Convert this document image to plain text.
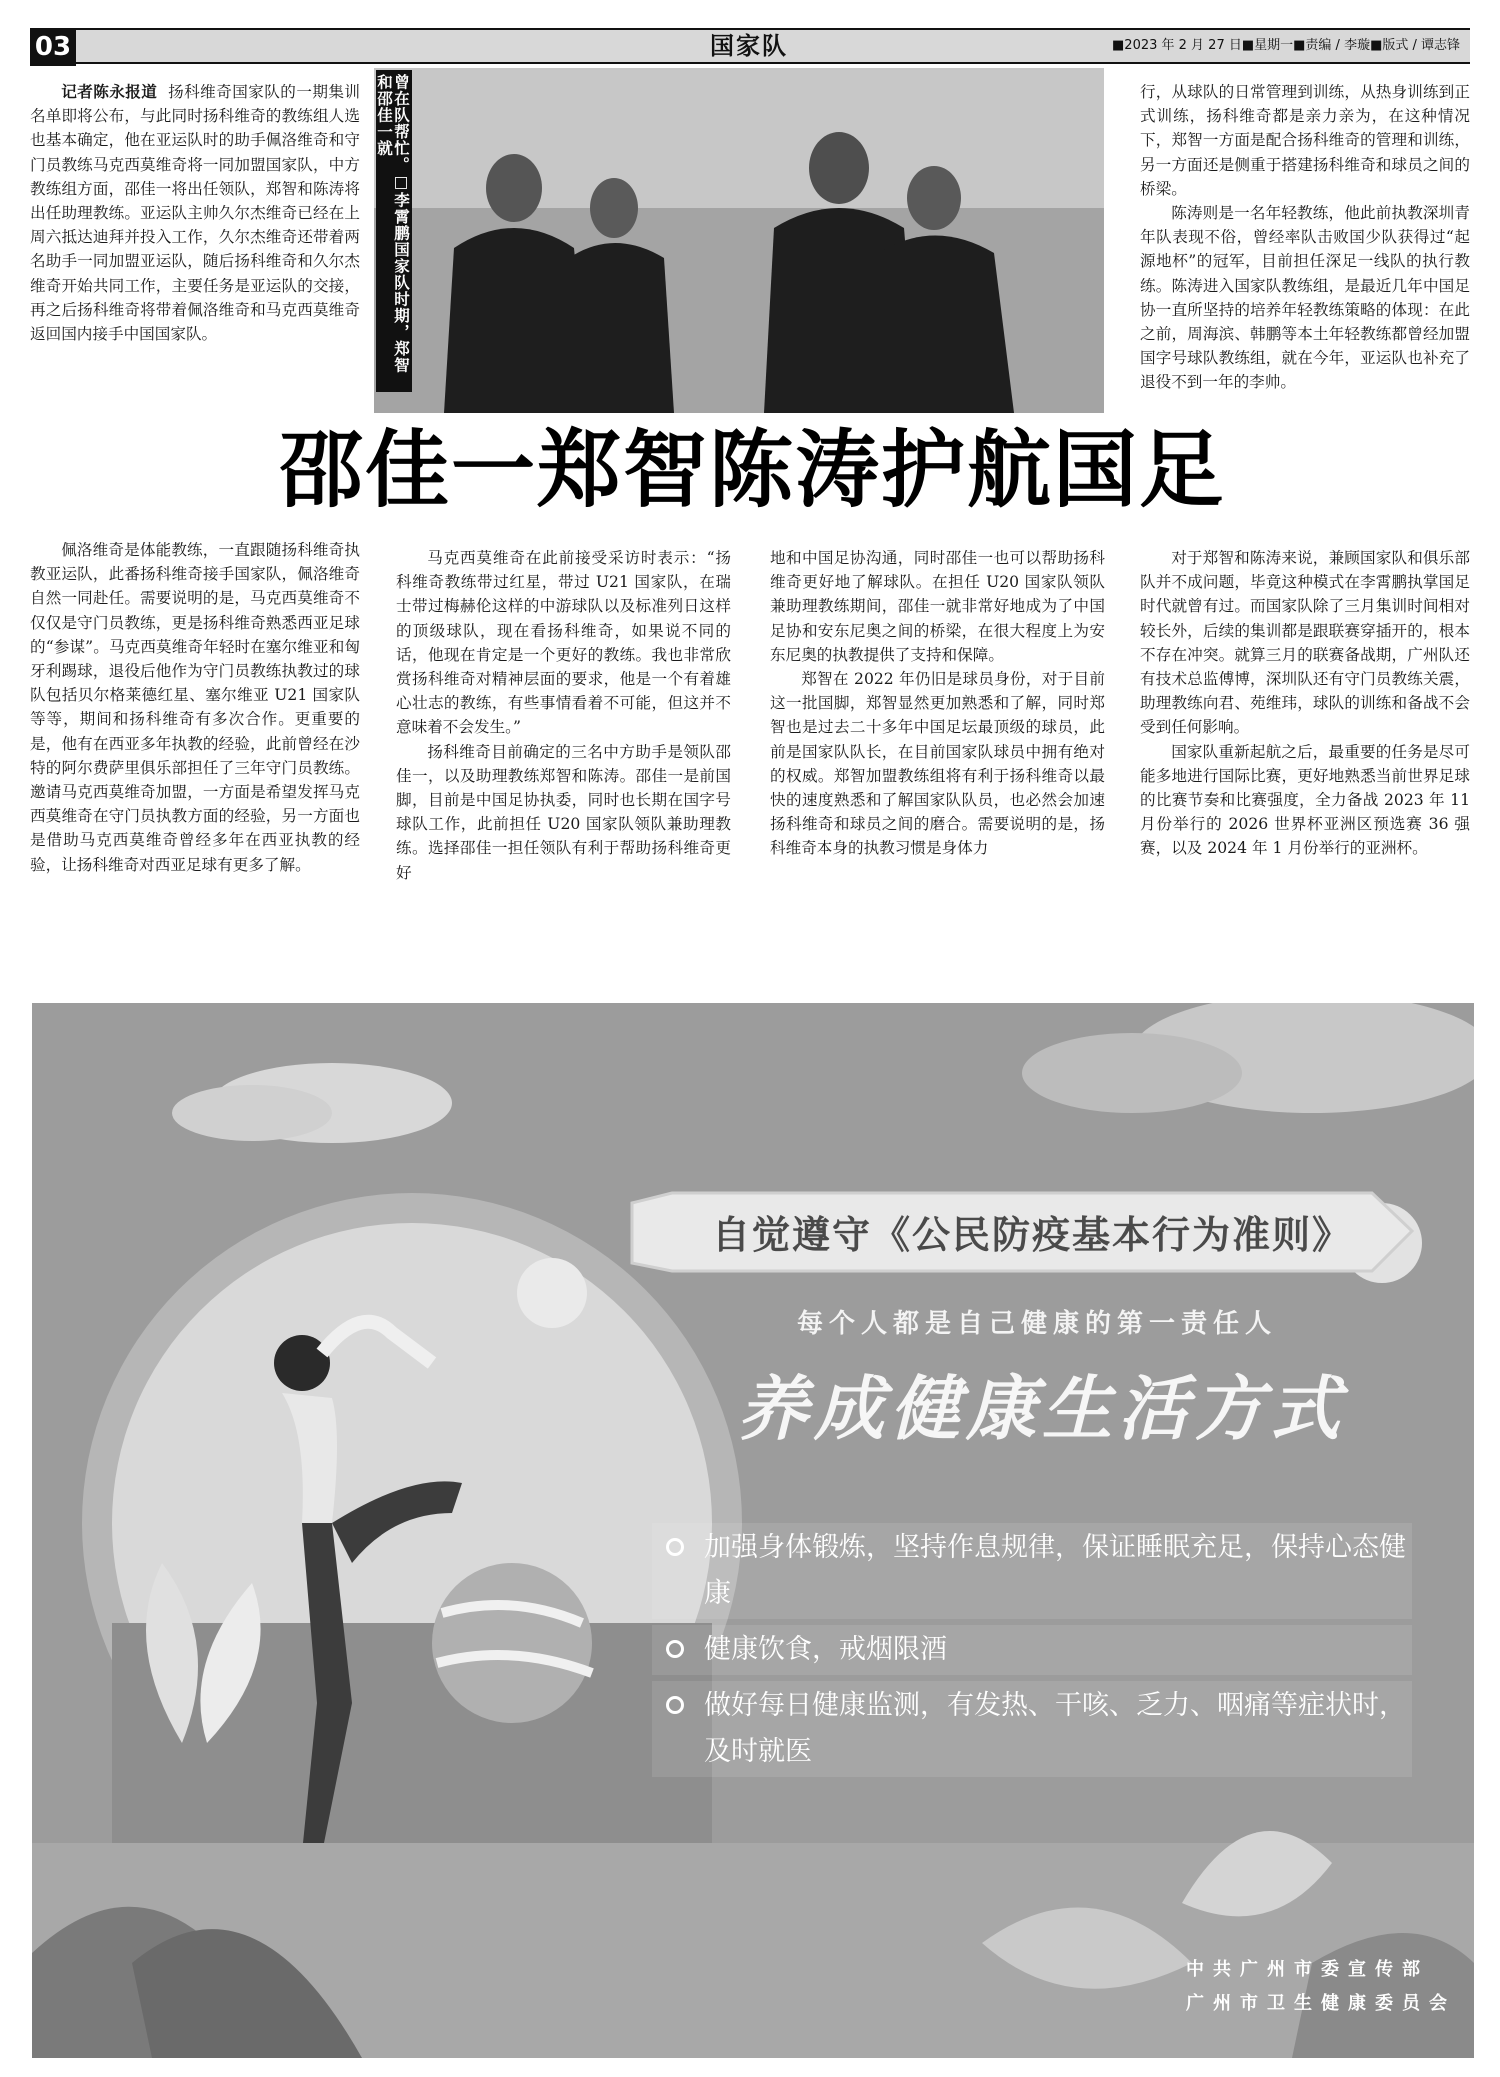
03	国家队	■2023 年 2 月 27 日■星期一■责编 / 李璇■版式 / 谭志锋

记者陈永报道 扬科维奇国家队的一期集训名单即将公布，与此同时扬科维奇的教练组人选也基本确定，他在亚运队时的助手佩洛维奇和守门员教练马克西莫维奇将一同加盟国家队，中方教练组方面，邵佳一将出任领队，郑智和陈涛将出任助理教练。亚运队主帅久尔杰维奇已经在上周六抵达迪拜并投入工作，久尔杰维奇还带着两名助手一同加盟亚运队，随后扬科维奇和久尔杰维奇开始共同工作，主要任务是亚运队的交接，再之后扬科维奇将带着佩洛维奇和马克西莫维奇返回国内接手中国国家队。

佩洛维奇是体能教练，一直跟随扬科维奇执教亚运队，此番扬科维奇接手国家队，佩洛维奇自然一同赴任。需要说明的是，马克西莫维奇不仅仅是守门员教练，更是扬科维奇熟悉西亚足球的“参谋”。马克西莫维奇年轻时在塞尔维亚和匈牙利踢球，退役后他作为守门员教练执教过的球队包括贝尔格莱德红星、塞尔维亚 U21 国家队等等，期间和扬科维奇有多次合作。更重要的是，他有在西亚多年执教的经验，此前曾经在沙特的阿尔费萨里俱乐部担任了三年守门员教练。邀请马克西莫维奇加盟，一方面是希望发挥马克西莫维奇在守门员执教方面的经验，另一方面也是借助马克西莫维奇曾经多年在西亚执教的经验，让扬科维奇对西亚足球有更多了解。

曾在队帮忙。□李霄鹏国家队时期，郑智和邵佳一就	行，从球队的日常管理到训练，从热身训练到正式训练，扬科维奇都是亲力亲为，在这种情况下，郑智一方面是配合扬科维奇的管理和训练，另一方面还是侧重于搭建扬科维奇和球员之间的桥梁。

陈涛则是一名年轻教练，他此前执教深圳青年队表现不俗，曾经率队击败国少队获得过“起源地杯”的冠军，目前担任深足一线队的执行教练。陈涛进入国家队教练组，是最近几年中国足协一直所坚持的培养年轻教练策略的体现：在此之前，周海滨、韩鹏等本土年轻教练都曾经加盟国字号球队教练组，就在今年，亚运队也补充了退役不到一年的李帅。

邵佳一郑智陈涛护航国足

马克西莫维奇在此前接受采访时表示：“扬科维奇教练带过红星，带过 U21 国家队，在瑞士带过梅赫伦这样的中游球队以及标准列日这样的顶级球队，现在看扬科维奇，如果说不同的话，他现在肯定是一个更好的教练。我也非常欣赏扬科维奇对精神层面的要求，他是一个有着雄心壮志的教练，有些事情看着不可能，但这并不意味着不会发生。”

扬科维奇目前确定的三名中方助手是领队邵佳一，以及助理教练郑智和陈涛。邵佳一是前国脚，目前是中国足协执委，同时也长期在国字号球队工作，此前担任 U20 国家队领队兼助理教练。选择邵佳一担任领队有利于帮助扬科维奇更好

地和中国足协沟通，同时邵佳一也可以帮助扬科维奇更好地了解球队。在担任 U20 国家队领队兼助理教练期间，邵佳一就非常好地成为了中国足协和安东尼奥之间的桥梁，在很大程度上为安东尼奥的执教提供了支持和保障。

郑智在 2022 年仍旧是球员身份，对于目前这一批国脚，郑智显然更加熟悉和了解，同时郑智也是过去二十多年中国足坛最顶级的球员，此前是国家队队长，在目前国家队球员中拥有绝对的权威。郑智加盟教练组将有利于扬科维奇以最快的速度熟悉和了解国家队队员，也必然会加速扬科维奇和球员之间的磨合。需要说明的是，扬科维奇本身的执教习惯是身体力

对于郑智和陈涛来说，兼顾国家队和俱乐部队并不成问题，毕竟这种模式在李霄鹏执掌国足时代就曾有过。而国家队除了三月集训时间相对较长外，后续的集训都是跟联赛穿插开的，根本不存在冲突。就算三月的联赛备战期，广州队还有技术总监傅博，深圳队还有守门员教练关震，助理教练向君、苑维玮，球队的训练和备战不会受到任何影响。

国家队重新起航之后，最重要的任务是尽可能多地进行国际比赛，更好地熟悉当前世界足球的比赛节奏和比赛强度，全力备战 2023 年 11 月份举行的 2026 世界杯亚洲区预选赛 36 强赛，以及 2024 年 1 月份举行的亚洲杯。

自觉遵守《公民防疫基本行为准则》
每个人都是自己健康的第一责任人
养成健康生活方式
加强身体锻炼，坚持作息规律，保证睡眠充足，保持心态健康
健康饮食，戒烟限酒
做好每日健康监测，有发热、干咳、乏力、咽痛等症状时，及时就医
中共广州市委宣传部
广州市卫生健康委员会
